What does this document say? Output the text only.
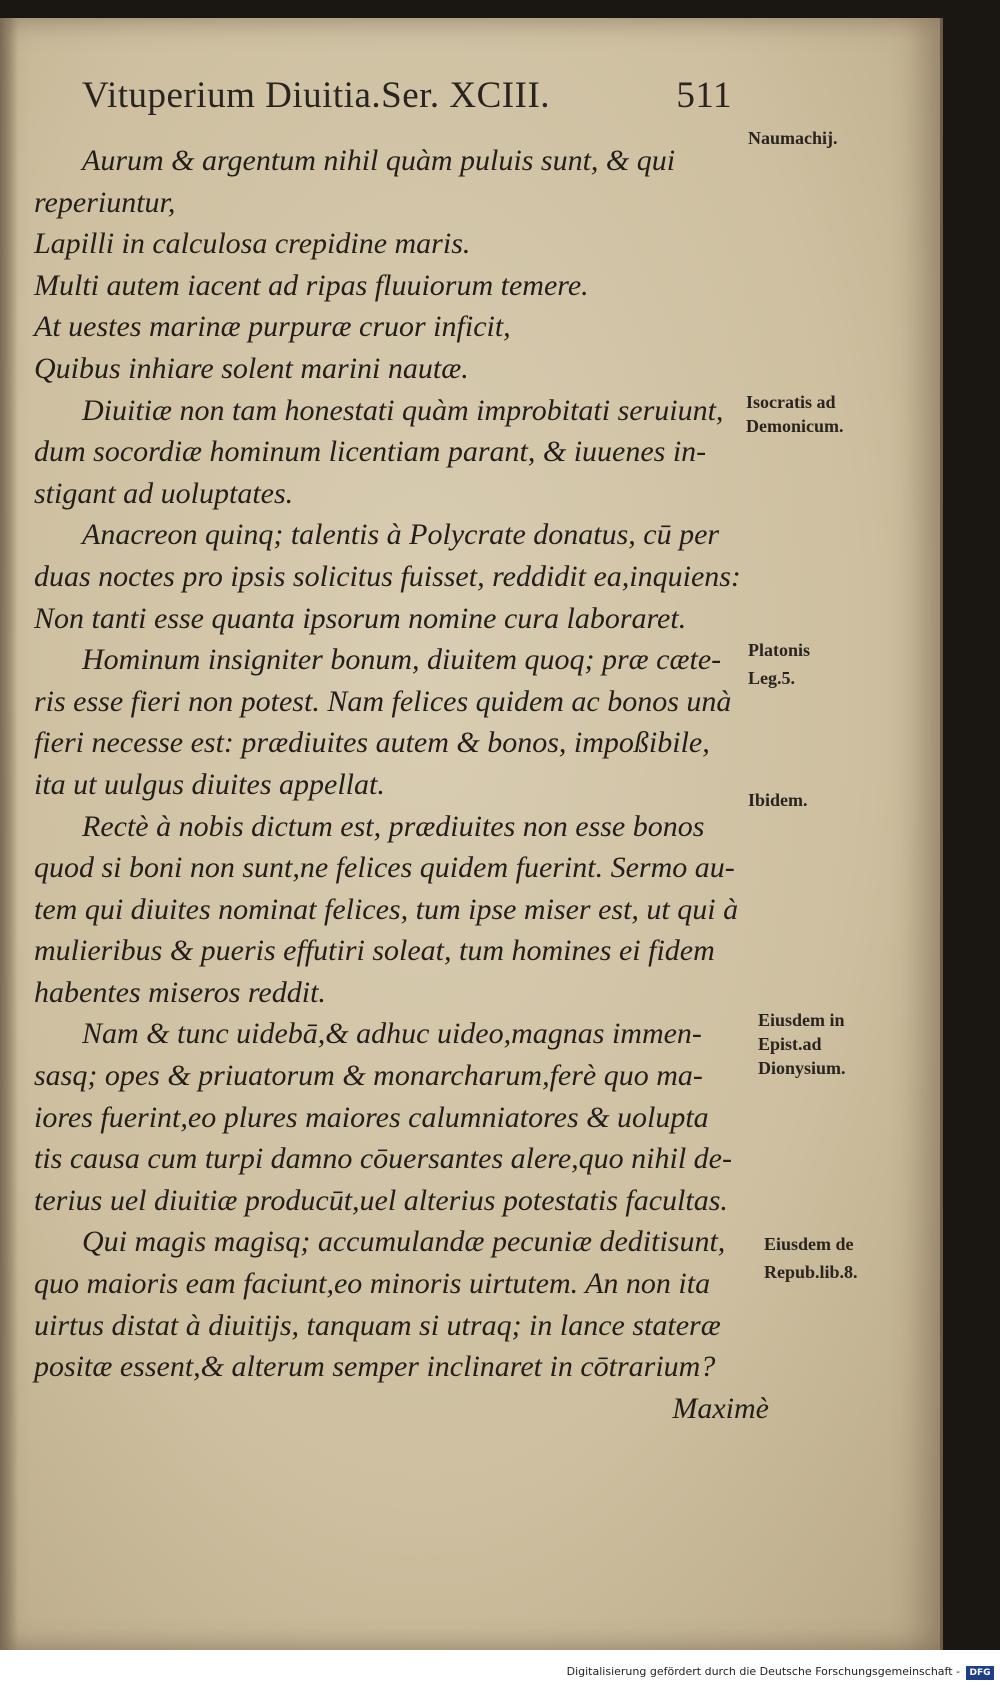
Vituperium Diuitia.Ser. XCIII.	511
Aurum & argentum nihil quàm puluis sunt, & qui
reperiuntur,
Lapilli in calculosa crepidine maris.
Multi autem iacent ad ripas fluuiorum temere.
At uestes marinæ purpuræ cruor inficit,
Quibus inhiare solent marini nautæ.
Diuitiæ non tam honestati quàm improbitati seruiunt,
dum socordiæ hominum licentiam parant, & iuuenes in-
stigant ad uoluptates.
Anacreon quinq; talentis à Polycrate donatus, cū per
duas noctes pro ipsis solicitus fuisset, reddidit ea,inquiens:
Non tanti esse quanta ipsorum nomine cura laboraret.
Hominum insigniter bonum, diuitem quoq; præ cæte-
ris esse fieri non potest. Nam felices quidem ac bonos unà
fieri necesse est: prædiuites autem & bonos, impoßibile,
ita ut uulgus diuites appellat.
Rectè à nobis dictum est, prædiuites non esse bonos
quod si boni non sunt,ne felices quidem fuerint. Sermo au-
tem qui diuites nominat felices, tum ipse miser est, ut qui à
mulieribus & pueris effutiri soleat, tum homines ei fidem
habentes miseros reddit.
Nam & tunc uidebā,& adhuc uideo,magnas immen-
sasq; opes & priuatorum & monarcharum,ferè quo ma-
iores fuerint,eo plures maiores calumniatores & uolupta
tis causa cum turpi damno cōuersantes alere,quo nihil de-
terius uel diuitiæ producūt,uel alterius potestatis facultas.
Qui magis magisq; accumulandæ pecuniæ deditisunt,
quo maioris eam faciunt,eo minoris uirtutem. An non ita
uirtus distat à diuitijs, tanquam si utraq; in lance stateræ
positæ essent,& alterum semper inclinaret in cōtrarium?
Maximè
Naumachij.
Isocratis ad
Demonicum.
Platonis
Leg.5.
Ibidem.
Eiusdem in
Epist.ad
Dionysium.
Eiusdem de
Repub.lib.8.
Digitalisierung gefördert durch die Deutsche Forschungsgemeinschaft -	DFG
